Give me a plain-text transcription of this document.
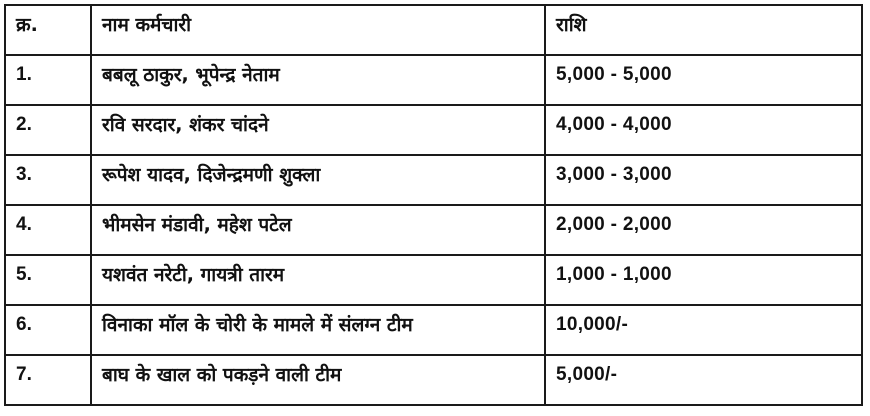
क्र.	नाम कर्मचारी	राशि
1.	बबलू ठाकुर, भूपेन्द्र नेताम	5,000 - 5,000
2.	रवि सरदार, शंकर चांदने	4,000 - 4,000
3.	रूपेश यादव, दिजेन्द्रमणी शुक्ला	3,000 - 3,000
4.	भीमसेन मंडावी, महेश पटेल	2,000 - 2,000
5.	यशवंत नरेटी, गायत्री तारम	1,000 - 1,000
6.	विनाका मॉल के चोरी के मामले में संलग्न टीम	10,000/-
7.	बाघ के खाल को पकड़ने वाली टीम	5,000/-
